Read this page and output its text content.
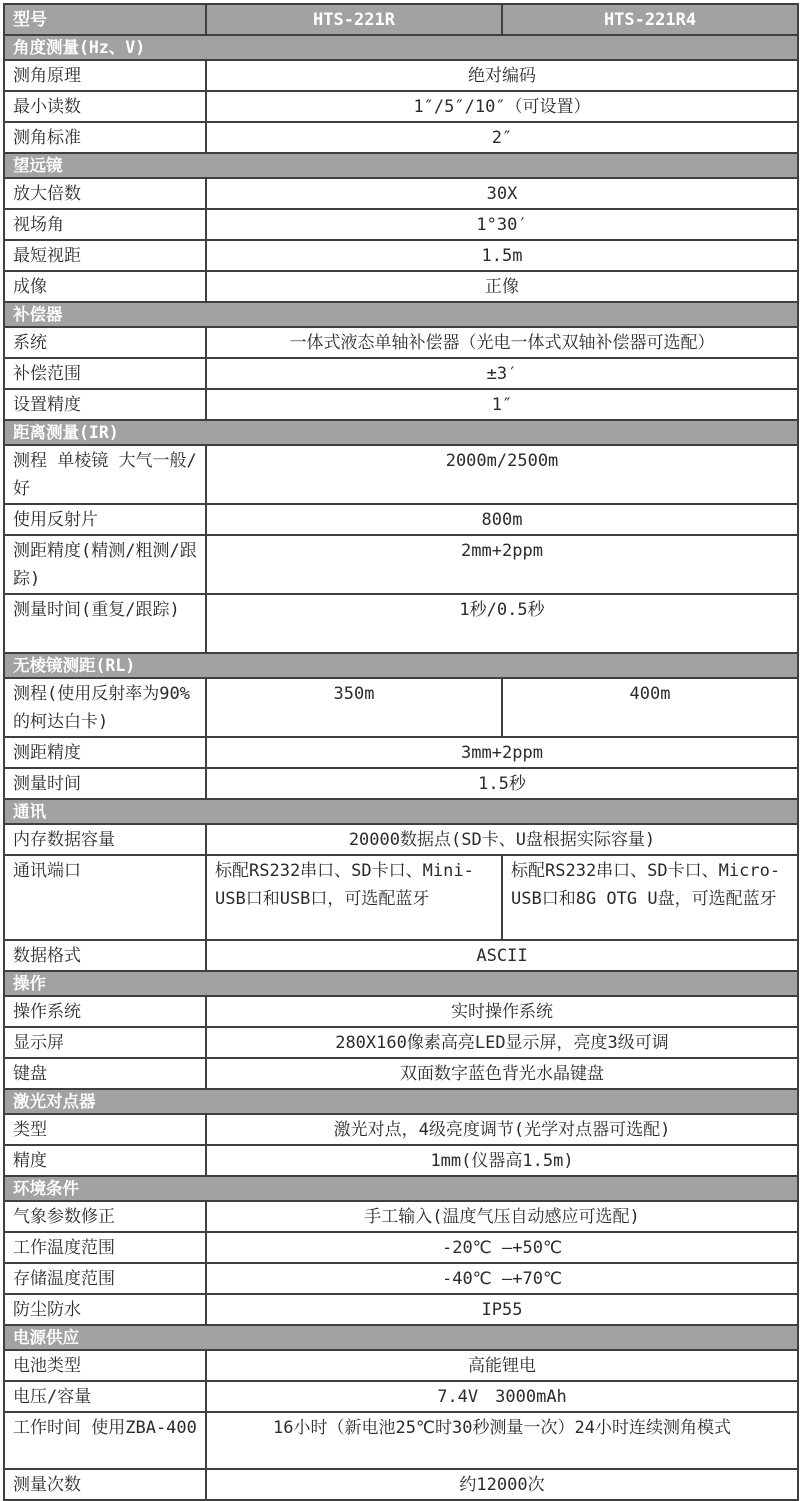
型号	HTS-221R	HTS-221R4
角度测量(Hz、V)		
测角原理	绝对编码	
最小读数	1″/5″/10″（可设置）	
测角标准	2″	
望远镜		
放大倍数	30X	
视场角	1°30′	
最短视距	1.5m	
成像	正像	
补偿器		
系统	一体式液态单轴补偿器（光电一体式双轴补偿器可选配）	
补偿范围	±3′	
设置精度	1″	
距离测量(IR)		
测程 单棱镜 大气一般/好	2000m/2500m	
使用反射片	800m	
测距精度(精测/粗测/跟踪)	2mm+2ppm	
测量时间(重复/跟踪)	1秒/0.5秒	
无棱镜测距(RL)		
测程(使用反射率为90%的柯达白卡)	350m	400m
测距精度	3mm+2ppm	
测量时间	1.5秒	
通讯		
内存数据容量	20000数据点(SD卡、U盘根据实际容量)	
通讯端口	标配RS232串口、SD卡口、Mini-USB口和USB口，可选配蓝牙	标配RS232串口、SD卡口、Micro-USB口和8G OTG U盘，可选配蓝牙
数据格式	ASCII	
操作		
操作系统	实时操作系统	
显示屏	280X160像素高亮LED显示屏，亮度3级可调	
键盘	双面数字蓝色背光水晶键盘	
激光对点器		
类型	激光对点，4级亮度调节(光学对点器可选配)	
精度	1mm(仪器高1.5m)	
环境条件		
气象参数修正	手工输入(温度气压自动感应可选配)	
工作温度范围	-20℃ —+50℃	
存储温度范围	-40℃ —+70℃	
防尘防水	IP55	
电源供应		
电池类型	高能锂电	
电压/容量	7.4V　3000mAh	
工作时间 使用ZBA-400	16小时（新电池25℃时30秒测量一次）24小时连续测角模式	
测量次数	约12000次	
